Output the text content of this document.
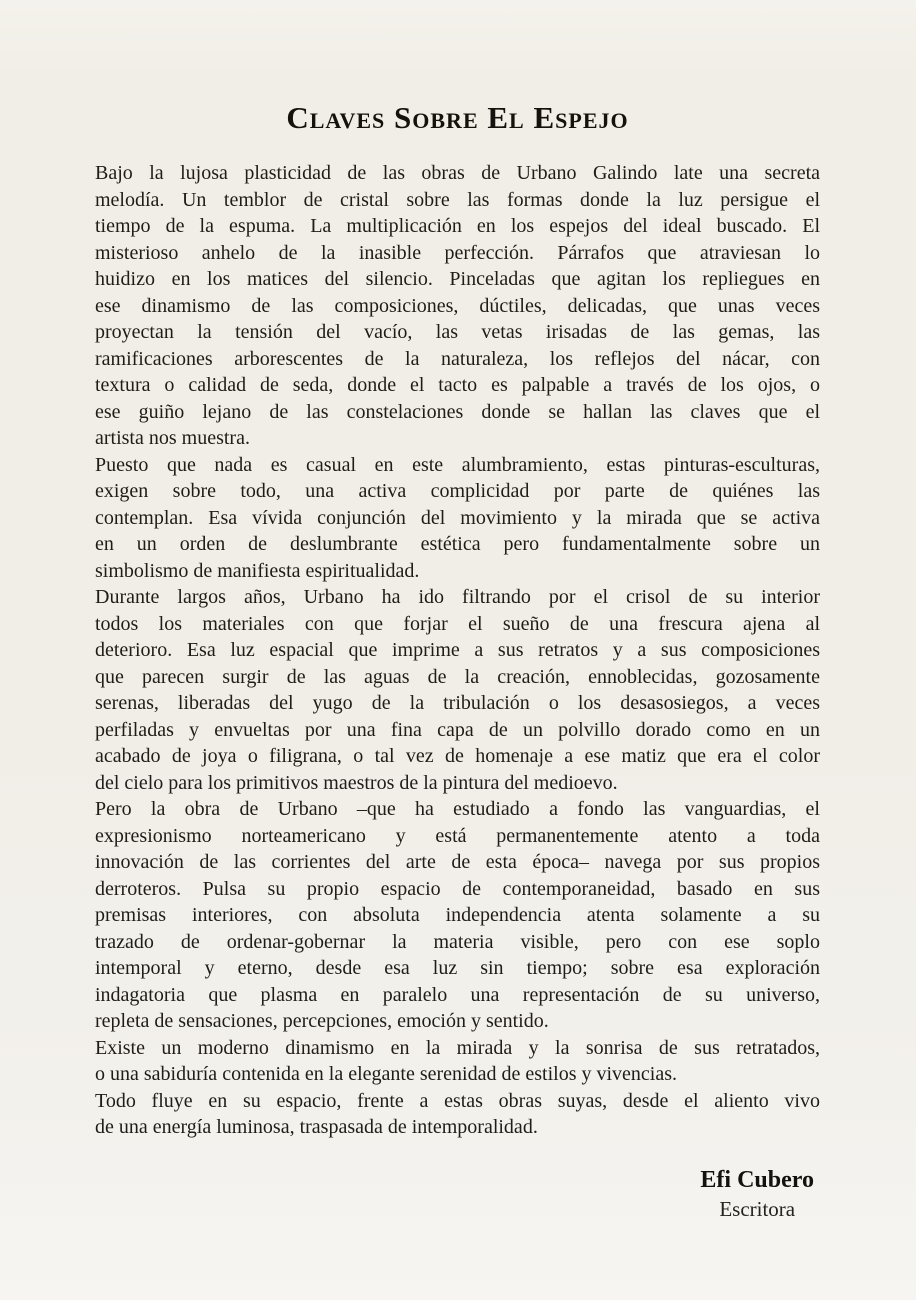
Claves Sobre El Espejo

Bajo la lujosa plasticidad de las obras de Urbano Galindo late una secreta
melodía. Un temblor de cristal sobre las formas donde la luz persigue el
tiempo de la espuma. La multiplicación en los espejos del ideal buscado. El
misterioso anhelo de la inasible perfección. Párrafos que atraviesan lo
huidizo en los matices del silencio. Pinceladas que agitan los repliegues en
ese dinamismo de las composiciones, dúctiles, delicadas, que unas veces
proyectan la tensión del vacío, las vetas irisadas de las gemas, las
ramificaciones arborescentes de la naturaleza, los reflejos del nácar, con
textura o calidad de seda, donde el tacto es palpable a través de los ojos, o
ese guiño lejano de las constelaciones donde se hallan las claves que el
artista nos muestra.

Puesto que nada es casual en este alumbramiento, estas pinturas-esculturas,
exigen sobre todo, una activa complicidad por parte de quiénes las
contemplan. Esa vívida conjunción del movimiento y la mirada que se activa
en un orden de deslumbrante estética pero fundamentalmente sobre un
simbolismo de manifiesta espiritualidad.

Durante largos años, Urbano ha ido filtrando por el crisol de su interior
todos los materiales con que forjar el sueño de una frescura ajena al
deterioro. Esa luz espacial que imprime a sus retratos y a sus composiciones
que parecen surgir de las aguas de la creación, ennoblecidas, gozosamente
serenas, liberadas del yugo de la tribulación o los desasosiegos, a veces
perfiladas y envueltas por una fina capa de un polvillo dorado como en un
acabado de joya o filigrana, o tal vez de homenaje a ese matiz que era el color
del cielo para los primitivos maestros de la pintura del medioevo.

Pero la obra de Urbano –que ha estudiado a fondo las vanguardias, el
expresionismo norteamericano y está permanentemente atento a toda
innovación de las corrientes del arte de esta época– navega por sus propios
derroteros. Pulsa su propio espacio de contemporaneidad, basado en sus
premisas interiores, con absoluta independencia atenta solamente a su
trazado de ordenar-gobernar la materia visible, pero con ese soplo
intemporal y eterno, desde esa luz sin tiempo; sobre esa exploración
indagatoria que plasma en paralelo una representación de su universo,
repleta de sensaciones, percepciones, emoción y sentido.

Existe un moderno dinamismo en la mirada y la sonrisa de sus retratados,
o una sabiduría contenida en la elegante serenidad de estilos y vivencias.

Todo fluye en su espacio, frente a estas obras suyas, desde el aliento vivo
de una energía luminosa, traspasada de intemporalidad.

Efi Cubero
Escritora
